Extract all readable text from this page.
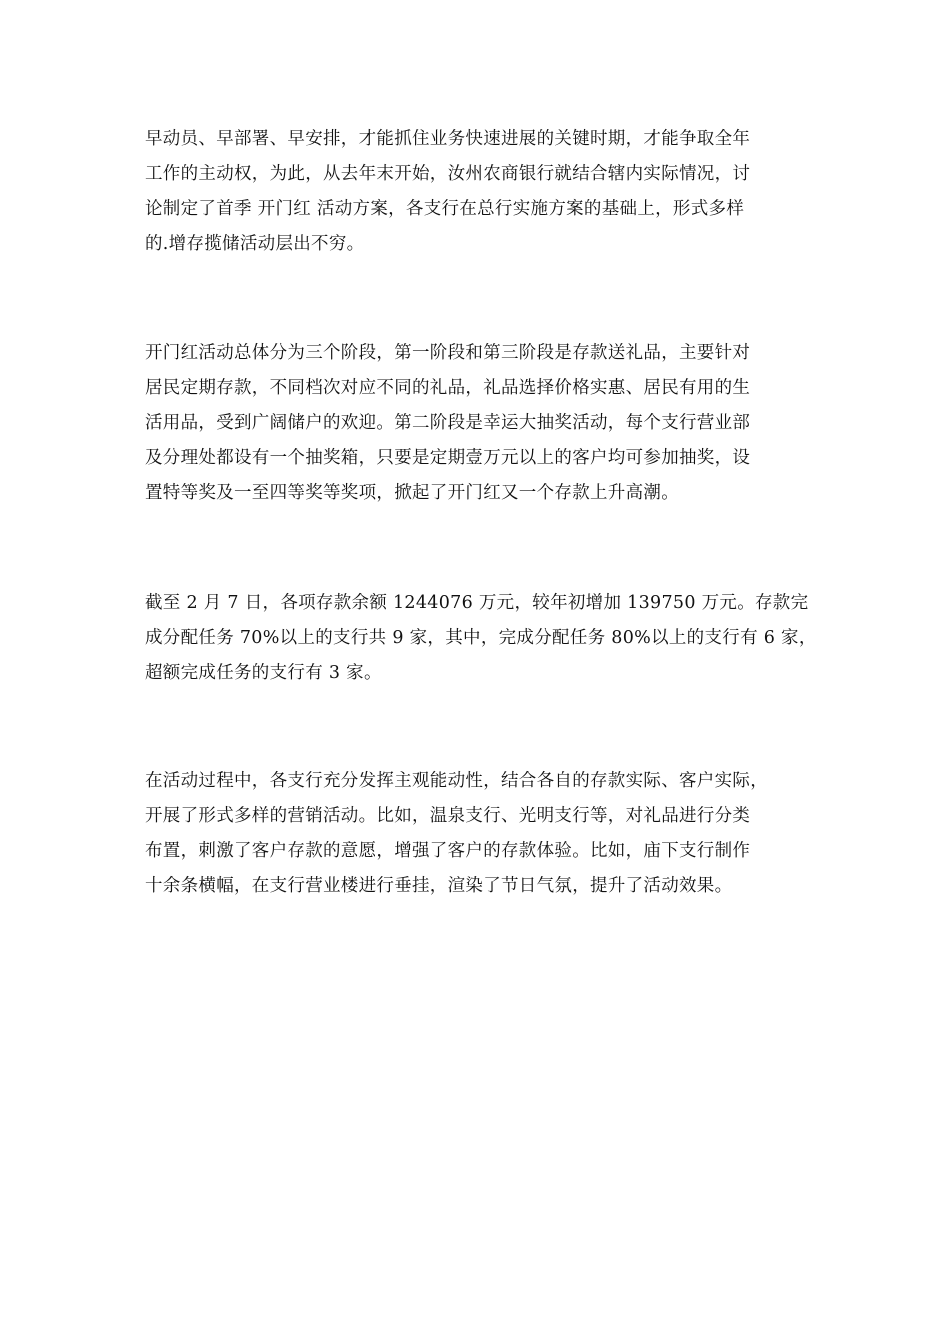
早动员、早部署、早安排，才能抓住业务快速进展的关键时期，才能争取全年
工作的主动权，为此，从去年末开始，汝州农商银行就结合辖内实际情况，讨
论制定了首季 开门红 活动方案，各支行在总行实施方案的基础上，形式多样
的.增存揽储活动层出不穷。
开门红活动总体分为三个阶段，第一阶段和第三阶段是存款送礼品，主要针对
居民定期存款，不同档次对应不同的礼品，礼品选择价格实惠、居民有用的生
活用品，受到广阔储户的欢迎。第二阶段是幸运大抽奖活动，每个支行营业部
及分理处都设有一个抽奖箱，只要是定期壹万元以上的客户均可参加抽奖，设
置特等奖及一至四等奖等奖项，掀起了开门红又一个存款上升高潮。
截至 2 月 7 日，各项存款余额 1244076 万元，较年初增加 139750 万元。存款完
成分配任务 70%以上的支行共 9 家，其中，完成分配任务 80%以上的支行有 6 家，
超额完成任务的支行有 3 家。
在活动过程中，各支行充分发挥主观能动性，结合各自的存款实际、客户实际，
开展了形式多样的营销活动。比如，温泉支行、光明支行等，对礼品进行分类
布置，刺激了客户存款的意愿，增强了客户的存款体验。比如，庙下支行制作
十余条横幅，在支行营业楼进行垂挂，渲染了节日气氛，提升了活动效果。
